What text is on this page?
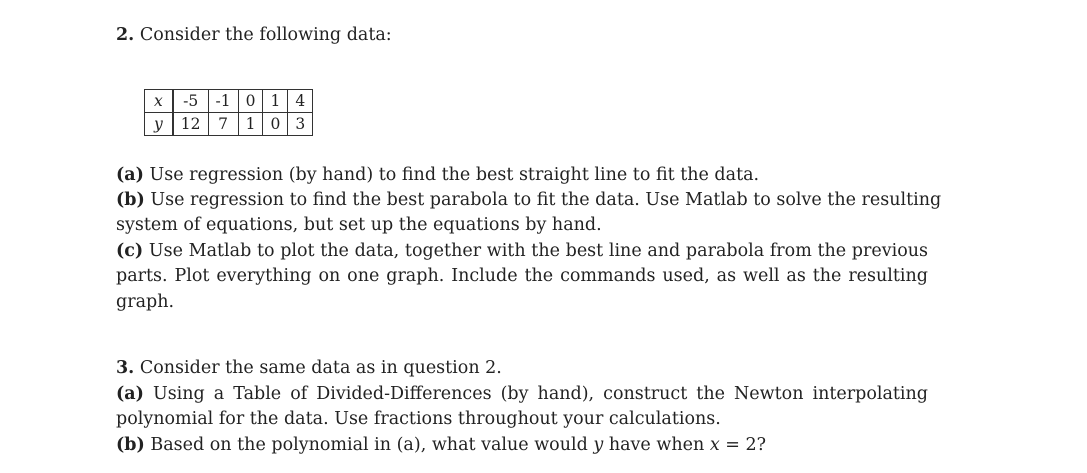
2. Consider the following data:
x	-5	-1	0	1	4
y	12	7	1	0	3
(a) Use regression (by hand) to find the best straight line to fit the data.
(b) Use regression to find the best parabola to fit the data. Use Matlab to solve the resulting
system of equations, but set up the equations by hand.
(c) Use Matlab to plot the data, together with the best line and parabola from the previous
parts. Plot everything on one graph. Include the commands used, as well as the resulting
graph.
3. Consider the same data as in question 2.
(a) Using a Table of Divided-Differences (by hand), construct the Newton interpolating
polynomial for the data. Use fractions throughout your calculations.
(b) Based on the polynomial in (a), what value would y have when x = 2?
